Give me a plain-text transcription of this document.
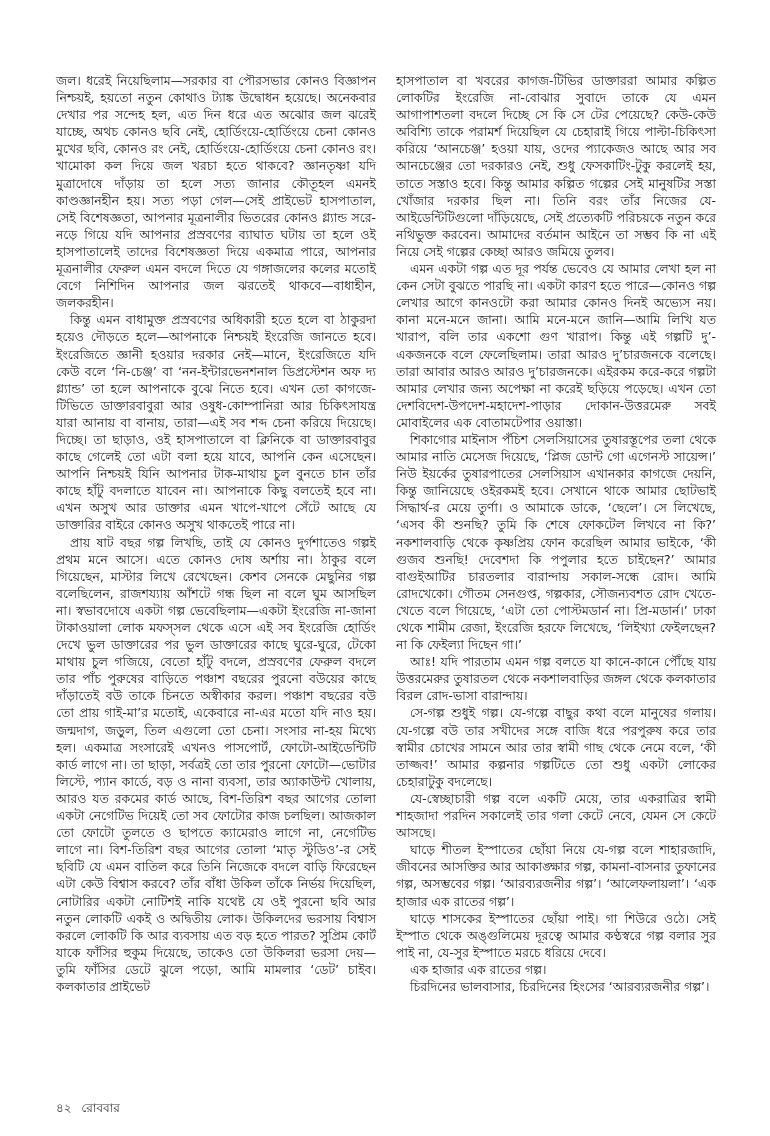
জল। ধরেই নিয়েছিলাম—সরকার বা পৌরসভার কোনও বিজ্ঞাপন নিশ্চয়ই, হয়তো নতুন কোথাও ট্যাঙ্ক উদ্বোধন হয়েছে। অনেকবার দেখার পর সন্দেহ হল, এত দিন ধরে এত অঝোর জল ঝরেই যাচ্ছে, অথচ কোনও ছবি নেই, হোর্ডিংয়ে-হোর্ডিংয়ে চেনা কোনও মুখের ছবি, কোনও রং নেই, হোর্ডিংয়ে-হোর্ডিংয়ে চেনা কোনও রং। খামোকা কল দিয়ে জল খরচা হতে থাকবে? জ্ঞানতৃষ্ণা যদি মুত্রাদোষে দাঁড়ায় তা হলে সত্য জানার কৌতূহল এমনই কাণ্ডজ্ঞানহীন হয়। সত্য পড়া গেল—সেই প্রাইভেট হাসপাতাল, সেই বিশেষজ্ঞতা, আপনার মূত্রনালীর ভিতরের কোনও গ্ল্যান্ড সরে-নড়ে গিয়ে যদি আপনার প্রস্রবণের ব্যাঘাত ঘটায় তা হলে ওই হাসপাতালেই তাদের বিশেষজ্ঞতা দিয়ে একমাত্র পারে, আপনার মূত্রনালীর ফেরুল এমন বদলে দিতে যে গঙ্গাজলের কলের মতোই বেগে নিশিদিন আপনার জল ঝরতেই থাকবে—বাধাহীন, জলকরহীন।

কিন্তু এমন বাধামুক্ত প্রস্রবণের অধিকারী হতে হলে বা ঠাকুরদা হয়েও দৌড়তে হলে—আপনাকে নিশ্চয়ই ইংরেজি জানতে হবে। ইংরেজিতে জ্ঞানী হওয়ার দরকার নেই—মানে, ইংরেজিতে যদি কেউ বলে ‘নি-চেঞ্জ’ বা ‘নন-ইন্টারভেনশনাল ডিপ্রস্টেশন অফ দ্য গ্ল্যান্ড’ তা হলে আপনাকে বুঝে নিতে হবে। এখন তো কাগজে-টিভিতে ডাক্তারবাবুরা আর ওষুধ-কোম্পানিরা আর চিকিৎসাযন্ত্র যারা আনায় বা বানায়, তারা—এই সব শব্দ চেনা করিয়ে দিয়েছে। দিচ্ছে। তা ছাড়াও, ওই হাসপাতালে বা ক্লিনিকে বা ডাক্তারবাবুর কাছে গেলেই তো এটা বলা হয়ে যাবে, আপনি কেন এসেছেন। আপনি নিশ্চয়ই যিনি আপনার টাক-মাথায় চুল বুনতে চান তাঁর কাছে হাঁটু বদলাতে যাবেন না। আপনাকে কিছু বলতেই হবে না। এখন অসুখ আর ডাক্তার এমন খাপে-খাপে সেঁটে আছে যে ডাক্তারির বাইরে কোনও অসুখ থাকতেই পারে না।

প্রায় ষাট বছর গল্প লিখছি, তাই যে কোনও দুর্গশাতেও গল্পই প্রথম মনে আসে। এতে কোনও দোষ অর্শায় না। ঠাকুর বলে গিয়েছেন, মাস্টার লিখে রেখেছেন। কেশব সেনকে মেছুনির গল্প বলেছিলেন, রাজশয্যায় আঁশটে গন্ধ ছিল না বলে ঘুম আসছিল না। স্বভাবদোষে একটা গল্প ভেবেছিলাম—একটা ইংরেজি না-জানা টাকাওয়ালা লোক মফস্সল থেকে এসে এই সব ইংরেজি হোর্ডিং দেখে ভুল ডাক্তারের পর ভুল ডাক্তারের কাছে ঘুরে-ঘুরে, টেকো মাথায় চুল গজিয়ে, বেতো হাঁটু বদলে, প্রস্রবণের ফেরুল বদলে তার পাঁচ পুরুষের বাড়িতে পঞ্চাশ বছরের পুরনো বউয়ের কাছে দাঁড়াতেই বউ তাকে চিনতে অস্বীকার করল। পঞ্চাশ বছরের বউ তো প্রায় গাই-মা’র মতোই, একেবারে না-এর মতো যদি নাও হয়। জন্মদাগ, জড়ুল, তিল এগুলো তো চেনা। সংসার না-হয় মিথ্যে হল। একমাত্র সংসারেই এখনও পাসপোর্ট, ফোটো-আইডেন্টিটি কার্ড লাগে না। তা ছাড়া, সর্বত্রই তো তার পুরনো ফোটো—ভোটার লিস্টে, প্যান কার্ডে, বড় ও নানা ব্যবসা, তার অ্যাকাউন্ট খোলায়, আরও যত রকমের কার্ড আছে, বিশ-তিরিশ বছর আগের তোলা একটা নেগেটিভ দিয়েই তো সব ফোটোর কাজ চলছিল। আজকাল তো ফোটো তুলতে ও ছাপতে ক্যামেরাও লাগে না, নেগেটিভ লাগে না। বিশ-তিরিশ বছর আগের তোলা ‘মাতৃ স্টুডিও’-র সেই ছবিটি যে এমন বাতিল করে তিনি নিজেকে বদলে বাড়ি ফিরেছেন এটা কেউ বিশ্বাস করবে? তাঁর বাঁধা উকিল তাঁকে নির্ভয় দিয়েছিল, নোটারির একটা নোটিশই নাকি যথেষ্ট যে ওই পুরনো ছবি আর নতুন লোকটি একই ও অদ্বিতীয় লোক। উকিলদের ভরসায় বিশ্বাস করলে লোকটি কি আর ব্যবসায় এত বড় হতে পারত? সুপ্রিম কোর্ট যাকে ফাঁসির হুকুম দিয়েছে, তাকেও তো উকিলরা ভরসা দেয়—তুমি ফাঁসির ডেটে ঝুলে পড়ো, আমি মামলার ‘ডেট’ চাইব। কলকাতার প্রাইভেট

হাসপাতাল বা খবরের কাগজ-টিভির ডাক্তাররা আমার কল্পিত লোকটির ইংরেজি না-বোঝার সুবাদে তাকে যে এমন আগাপাশতলা বদলে দিচ্ছে সে কি সে টের পেয়েছে? কেউ-কেউ অবিশ্যি তাকে পরামর্শ দিয়েছিল যে চেহারাই গিয়ে পাল্টা-চিকিৎসা করিয়ে ‘আনচেঞ্জ’ হওয়া যায়, ওদের প্যাকেজও আছে আর সব আনচেঞ্জের তো দরকারও নেই, শুধু ফেসকাটিং-টুকু করলেই হয়, তাতে সস্তাও হবে। কিন্তু আমার কল্পিত গল্পের সেই মানুষটির সস্তা খোঁজার দরকার ছিল না। তিনি বরং তাঁর নিজের যে-আইডেন্টিটিগুলো দাঁড়িয়েছে, সেই প্রত্যেকটি পরিচয়কে নতুন করে নথিভুক্ত করবেন। আমাদের বর্তমান আইনে তা সম্ভব কি না এই নিয়ে সেই গল্পের কেচ্ছা আরও জমিয়ে তুলব।

এমন একটা গল্প এত দূর পর্যন্ত ভেবেও যে আমার লেখা হল না কেন সেটা বুঝতে পারছি না। একটা কারণ হতে পারে—কোনও গল্প লেখার আগে কানওটো করা আমার কোনও দিনই অভ্যেস নয়। কানা মনে-মনে জানা। আমি মনে-মনে জানি—আমি লিখি যত খারাপ, বলি তার একশো গুণ খারাপ। কিন্তু এই গল্পটি দু’-একজনকে বলে ফেলেছিলাম। তারা আরও দু’চারজনকে বলেছে। তারা আবার আরও আরও দু’চারজনকে। এইরকম করে-করে গল্পটা আমার লেখার জন্য অপেক্ষা না করেই ছড়িয়ে পড়েছে। এখন তো দেশবিদেশ-উপদেশ-মহাদেশ-পাড়ার দোকান-উত্তরমেরু সবই মোবাইলের এক বোতামটেপার ওয়াস্তা।

শিকাগোর মাইনাস পঁচিশ সেলসিয়াসের তুষারস্তূপের তলা থেকে আমার নাতি মেসেজ দিয়েছে, ‘প্লিজ ডোন্ট গো এগেনস্ট সায়েন্স।’ নিউ ইয়র্কের তুষারপাতের সেলসিয়াস এখানকার কাগজে দেয়নি, কিন্তু জানিয়েছে ওইরকমই হবে। সেখানে থাকে আমার ছোটভাই সিদ্ধার্থ-র মেয়ে তুর্ণা। ও আমাকে ডাকে, ‘ছেলে’। সে লিখেছে, ‘এসব কী শুনছি? তুমি কি শেষে ফোকটেল লিখবে না কি?’ নকশালবাড়ি থেকে কৃষ্ণপ্রিয় ফোন করেছিল আমার ভাইকে, ‘কী গুজব শুনছি! দেবেশদা কি পপুলার হতে চাইছেন?’ আমার বাগুইআটির চারতলার বারান্দায় সকাল-সন্ধে রোদ। আমি রোদখেকো। গৌতম সেনগুপ্ত, গল্পকার, সৌজন্যবশত রোদ খেতে-খেতে বলে গিয়েছে, ‘এটা তো পোস্টমডার্ন না। প্রি-মডার্ন।’ ঢাকা থেকে শামীম রেজা, ইংরেজি হরফে লিখেছে, ‘লিইখ্যা ফেইলছেন? না কি ফেইল্যা দিছেন গা।’

আঃ! যদি পারতাম এমন গল্প বলতে যা কানে-কানে পৌঁছে যায় উত্তরমেরুর তুষারতল থেকে নকশালবাড়ির জঙ্গল থেকে কলকাতার বিরল রোদ-ভাসা বারান্দায়।

সে-গল্প শুধুই গল্প। যে-গল্পে বাছুর কথা বলে মানুষের গলায়। যে-গল্পে বউ তার সখীদের সঙ্গে বাজি ধরে পরপুরুষ করে তার স্বামীর চোখের সামনে আর তার স্বামী গাছ থেকে নেমে বলে, ‘কী তাজ্জব!’ আমার কল্পনার গল্পটিতে তো শুধু একটা লোকের চেহারাটুকু বদলেছে।

যে-স্বেচ্ছাচারী গল্প বলে একটি মেয়ে, তার একরাত্রির স্বামী শাহজাদা পরদিন সকালেই তার গলা কেটে নেবে, যেমন সে কেটে আসছে।

ঘাড়ে শীতল ইস্পাতের ছোঁয়া নিয়ে যে-গল্প বলে শাহারজাদি, জীবনের আসক্তির আর আকাঙ্ক্ষার গল্প, কামনা-বাসনার তুফানের গল্প, অসম্ভবের গল্প। ‘আরব্যরজনীর গল্প’। ‘আলেফলায়লা’। ‘এক হাজার এক রাতের গল্প’।

ঘাড়ে শাসকের ইস্পাতের ছোঁয়া পাই। গা শিউরে ওঠে। সেই ইস্পাত থেকে অঙ্গুলিমেয় দূরত্বে আমার কণ্ঠস্বরে গল্প বলার সুর পাই না, যে-সুর ইস্পাতে মরচে ধরিয়ে দেবে।

এক হাজার এক রাতের গল্প।

চিরদিনের ভালবাসার, চিরদিনের হিংসের ‘আরব্যরজনীর গল্প’।

৪২ রোববার
